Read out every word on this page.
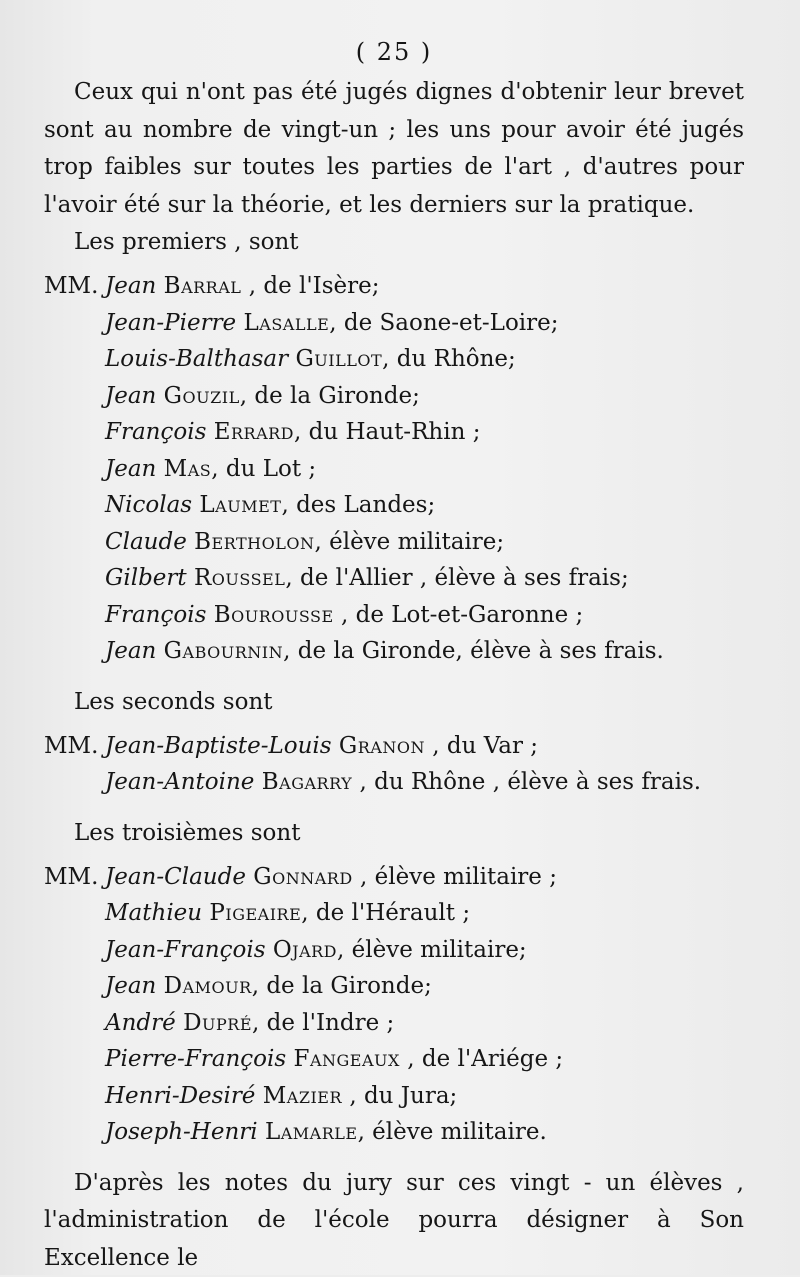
( 25 )

Ceux qui n'ont pas été jugés dignes d'obtenir leur brevet sont au nombre de vingt-un ; les uns pour avoir été jugés trop faibles sur toutes les parties de l'art , d'autres pour l'avoir été sur la théorie, et les derniers sur la pratique.

Les premiers , sont
MM. Jean Barral , de l'Isère;
Jean-Pierre Lasalle, de Saone-et-Loire;
Louis-Balthasar Guillot, du Rhône;
Jean Gouzil, de la Gironde;
François Errard, du Haut-Rhin ;
Jean Mas, du Lot ;
Nicolas Laumet, des Landes;
Claude Bertholon, élève militaire;
Gilbert Roussel, de l'Allier , élève à ses frais;
François Bourousse , de Lot-et-Garonne ;
Jean Gabournin, de la Gironde, élève à ses frais.
Les seconds sont
MM. Jean-Baptiste-Louis Granon , du Var ;
Jean-Antoine Bagarry , du Rhône , élève à ses frais.
Les troisièmes sont
MM. Jean-Claude Gonnard , élève militaire ;
Mathieu Pigeaire, de l'Hérault ;
Jean-François Ojard, élève militaire;
Jean Damour, de la Gironde;
André Dupré, de l'Indre ;
Pierre-François Fangeaux , de l'Ariége ;
Henri-Desiré Mazier , du Jura;
Joseph-Henri Lamarle, élève militaire.

D'après les notes du jury sur ces vingt - un élèves , l'administration de l'école pourra désigner à Son Excellence le
